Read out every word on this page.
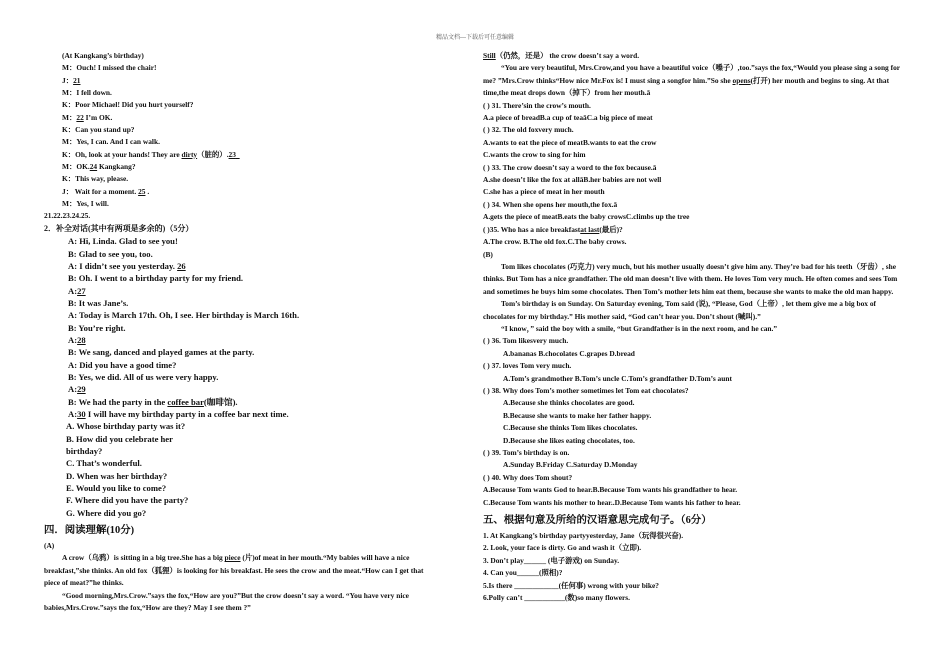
精品文档---下载后可任意编辑
(At Kangkang’s birthday)
M：Ouch! I missed the chair!
J：21
M：I fell down.
K：Poor Michael! Did you hurt yourself?
M：22 I’m OK.
K：Can you stand up?
M：Yes, I can. And I can walk.
K：Oh, look at your hands! They are dirty（脏的）.23
M：OK.24 Kangkang?
K：This way, please.
J： Wait for a moment. 25 .
M：Yes, I will.
21.22.23.24.25.
2．补全对话(其中有两项是多余的)（5分）
A: Hi, Linda. Glad to see you!
B: Glad to see you, too.
A: I didn’t see you yesterday. 26
B: Oh. I went to a birthday party for my friend.
A:27
B: It was Jane’s.
A: Today is March 17th. Oh, I see. Her birthday is March 16th.
B: You’re right.
A:28
B: We sang, danced and played games at the party.
A: Did you have a good time?
B: Yes, we did. All of us were very happy.
A:29
B: We had the party in the coffee bar(咖啡馆).
A:30 I will have my birthday party in a coffee bar next time.
A. Whose birthday party was it?
B. How did you celebrate her
birthday?
C. That’s wonderful.
D. When was her birthday?
E. Would you like to come?
F. Where did you have the party?
G. Where did you go?
四．阅读理解(10分)
(A)
A crow（乌鸦）is sitting in a big tree.She has a big piece (片)of meat in her mouth.“My babies will have a nice breakfast,”she thinks. An old fox（狐狸）is looking for his breakfast. He sees the crow and the meat.“How can I get that piece of meat?”he thinks.
“Good morning,Mrs.Crow.”says the fox,“How are you?”But the crow doesn’t say a word. “You have very nice babies,Mrs.Crow.”says the fox,“How are they? May I see them ?”
Still（仍然，还是） the crow doesn’t say a word.
“You are very beautiful, Mrs.Crow,and you have a beautiful voice（嗓子）,too.”says the fox,“Would you please sing a song for me? ”Mrs.Crow thinks“How nice Mr.Fox is! I must sing a songfor him.”So she opens(打开) her mouth and begins to sing. At that time,the meat drops down（掉下）from her mouth.ā
( ) 31. There’sin the crow’s mouth.
A.a piece of breadB.a cup of teaāC.a big piece of meat
( ) 32. The old foxvery much.
A.wants to eat the piece of meatB.wants to eat the crow
C.wants the crow to sing for him
( ) 33. The crow doesn’t say a word to the fox because.ā
A.she doesn’t like the fox at allāB.her babies are not well
C.she has a piece of meat in her mouth
( ) 34. When she opens her mouth,the fox.ā
A.gets the piece of meatB.eats the baby crowsC.climbs up the tree
( )35. Who has a nice breakfastat last(最后)?
A.The crow. B.The old fox.C.The baby crows.
(B)
Tom likes chocolates (巧克力) very much, but his mother usually doesn’t give him any. They’re bad for his teeth（牙齿）, she thinks. But Tom has a nice grandfather. The old man doesn’t live with them. He loves Tom very much. He often comes and sees Tom and sometimes he buys him some chocolates. Then Tom’s mother lets him eat them, because she wants to make the old man happy.
Tom’s birthday is on Sunday. On Saturday evening, Tom said (说), “Please, God（上帝）, let them give me a big box of chocolates for my birthday.” His mother said, “God can’t hear you. Don’t shout (喊叫).”
“I know，” said the boy with a smile, “but Grandfather is in the next room, and he can.”
( ) 36. Tom likesvery much.
A.bananas B.chocolates C.grapes D.bread
( ) 37. loves Tom very much.
A.Tom’s grandmother B.Tom’s uncle C.Tom’s grandfather D.Tom’s aunt
( ) 38. Why does Tom’s mother sometimes let Tom eat chocolates?
A.Because she thinks chocolates are good.
B.Because she wants to make her father happy.
C.Because she thinks Tom likes chocolates.
D.Because she likes eating chocolates, too.
( ) 39. Tom’s birthday is on.
A.Sunday B.Friday C.Saturday D.Monday
( ) 40. Why does Tom shout?
A.Because Tom wants God to hear.B.Because Tom wants his grandfather to hear.
C.Because Tom wants his mother to hear..D.Because Tom wants his father to hear.
五、根据句意及所给的汉语意思完成句子。（6分）
1. At Kangkang’s birthday partyyesterday, Jane（玩得很兴奋).
2. Look, your face is dirty. Go and wash it（立即).
3. Don’t play______ (电子游戏) on Sunday.
4. Can you______(照相)?
5.Is there ____________(任何事) wrong with your bike?
6.Polly can’t ___________(数)so many flowers.
